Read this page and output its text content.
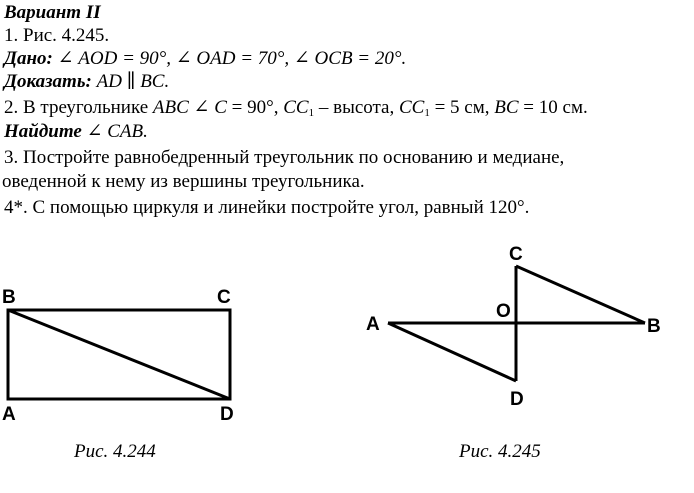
Вариант II
1. Рис. 4.245.
Дано: ∠ AOD = 90°, ∠ OAD = 70°, ∠ OCB = 20°.
Доказать: AD ∥ BC.
2. В треугольнике ABC ∠ C = 90°, $CC_1$ – высота, $CC_1 = 5$ см, BC = 10 см.
Найдите ∠ CAB.
3. Постройте равнобедренный треугольник по основанию и медиане,
оведенной к нему из вершины треугольника.
4*. С помощью циркуля и линейки постройте угол, равный 120°.
B	C
A	D
C
O
A	B
D
Рис. 4.244	Рис. 4.245
